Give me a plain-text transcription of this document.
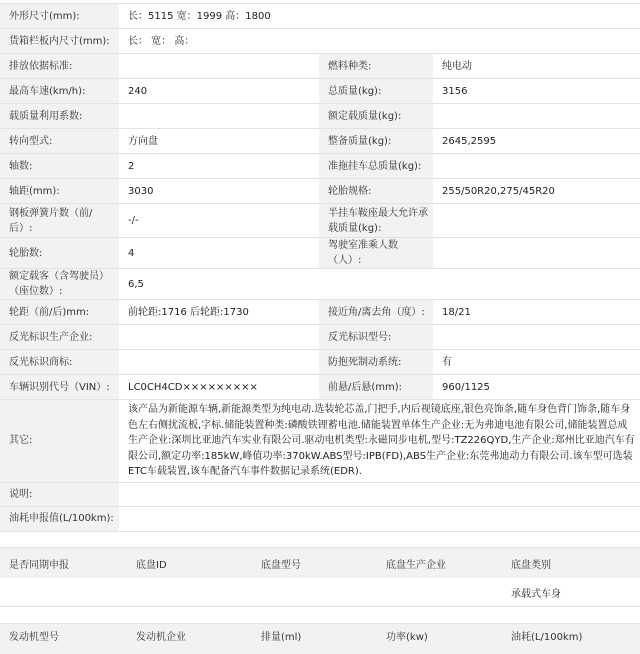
外形尺寸(mm):	长：5115 宽：1999 高：1800		
货箱栏板内尺寸(mm):	长： 宽： 高：		
排放依据标准:		燃料种类:	纯电动
最高车速(km/h):	240	总质量(kg):	3156
载质量利用系数:		额定载质量(kg):	
转向型式:	方向盘	整备质量(kg):	2645,2595
轴数:	2	准拖挂车总质量(kg):	
轴距(mm):	3030	轮胎规格:	255/50R20,275/45R20
钢板弹簧片数（前/后）:	-/-	半挂车鞍座最大允许承载质量(kg):	
轮胎数:	4	驾驶室准乘人数（人）:	
额定载客（含驾驶员）（座位数）:	6,5		
轮距（前/后)mm:	前轮距:1716 后轮距:1730	接近角/离去角（度）:	18/21
反光标识生产企业:		反光标识型号:	
反光标识商标:		防抱死制动系统:	有
车辆识别代号（VIN）:	LC0CH4CD×××××××××	前悬/后悬(mm):	960/1125
其它:	该产品为新能源车辆,新能源类型为纯电动.选装轮芯盖,门把手,内后视镜底座,银色亮饰条,随车身色背门饰条,随车身色左右侧扰流板,字标.储能装置种类:磷酸铁锂蓄电池.储能装置单体生产企业:无为弗迪电池有限公司,储能装置总成生产企业:深圳比亚迪汽车实业有限公司.驱动电机类型:永磁同步电机,型号:TZ226QYD,生产企业:郑州比亚迪汽车有限公司,额定功率:185kW,峰值功率:370kW.ABS型号:IPB(FD),ABS生产企业:东莞弗迪动力有限公司.该车型可选装ETC车载装置,该车配备汽车事件数据记录系统(EDR).		
说明:			
油耗申报值(L/100km):			
是否同期申报	底盘ID	底盘型号	底盘生产企业	底盘类别
				承载式车身
发动机型号	发动机企业	排量(ml)	功率(kw)	油耗(L/100km)
